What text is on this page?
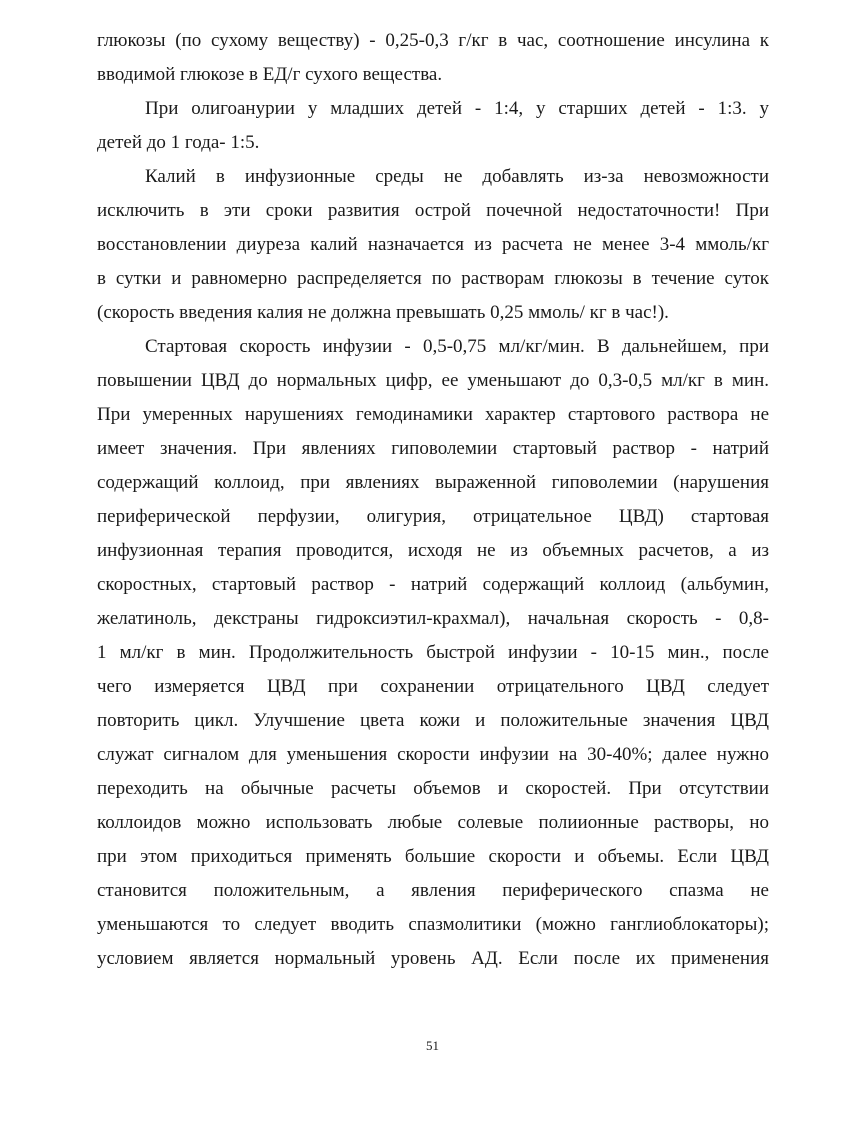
глюкозы (по сухому веществу) - 0,25-0,3 г/кг в час, соотношение инсулина к
вводимой глюкозе в ЕД/г сухого вещества.
При олигоанурии у младших детей - 1:4, у старших детей - 1:3. у
детей до 1 года- 1:5.
Калий в инфузионные среды не добавлять из-за невозможности
исключить в эти сроки развития острой почечной недостаточности! При
восстановлении диуреза калий назначается из расчета не менее 3-4 ммоль/кг
в сутки и равномерно распределяется по растворам глюкозы в течение суток
(скорость введения калия не должна превышать 0,25 ммоль/ кг в час!).
Стартовая скорость инфузии - 0,5-0,75 мл/кг/мин. В дальнейшем, при
повышении ЦВД до нормальных цифр, ее уменьшают до 0,3-0,5 мл/кг в мин.
При умеренных нарушениях гемодинамики характер стартового раствора не
имеет значения. При явлениях гиповолемии стартовый раствор - натрий
содержащий коллоид, при явлениях выраженной гиповолемии (нарушения
периферической перфузии, олигурия, отрицательное ЦВД) стартовая
инфузионная терапия проводится, исходя не из объемных расчетов, а из
скоростных, стартовый раствор - натрий содержащий коллоид (альбумин,
желатиноль, декстраны гидроксиэтил-крахмал), начальная скорость - 0,8-
1 мл/кг в мин. Продолжительность быстрой инфузии - 10-15 мин., после
чего измеряется ЦВД при сохранении отрицательного ЦВД следует
повторить цикл. Улучшение цвета кожи и положительные значения ЦВД
служат сигналом для уменьшения скорости инфузии на 30-40%; далее нужно
переходить на обычные расчеты объемов и скоростей. При отсутствии
коллоидов можно использовать любые солевые полиионные растворы, но
при этом приходиться применять большие скорости и объемы. Если ЦВД
становится положительным, а явления периферического спазма не
уменьшаются то следует вводить спазмолитики (можно ганглиоблокаторы);
условием является нормальный уровень АД. Если после их применения
51
